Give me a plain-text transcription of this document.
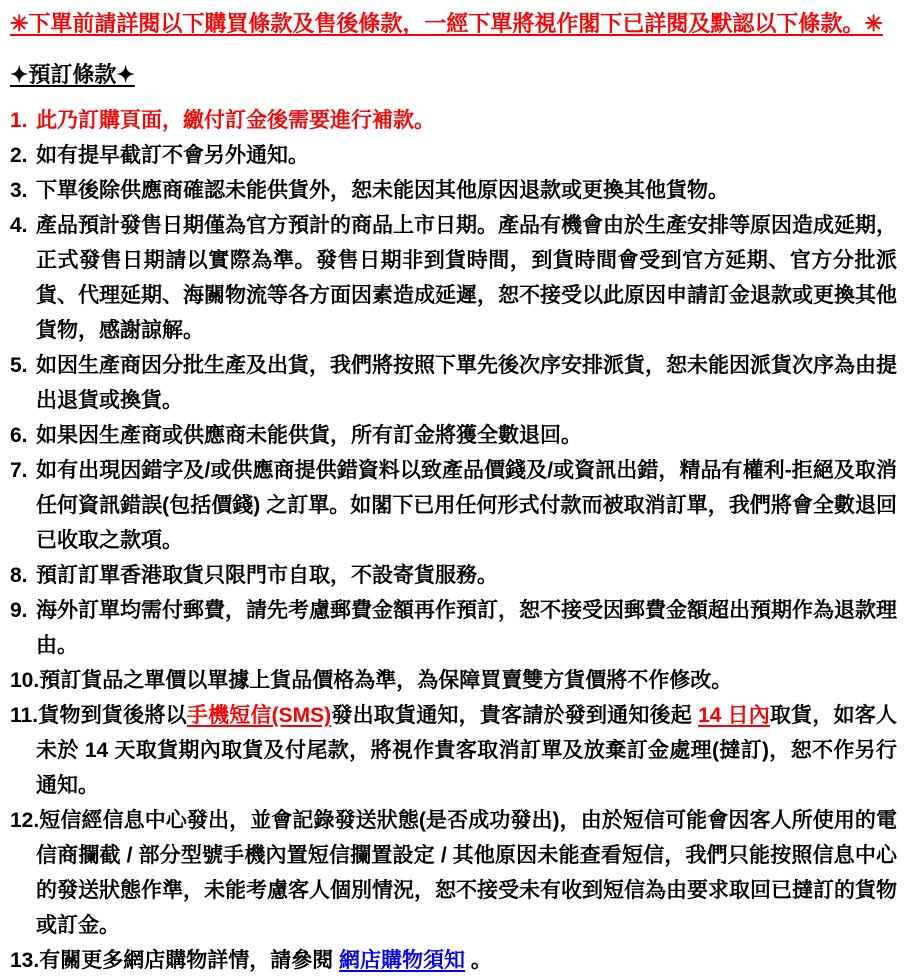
✳下單前請詳閱以下購買條款及售後條款，一經下單將視作閣下已詳閱及默認以下條款。✳
✦預訂條款✦
1. 此乃訂購頁面，繳付訂金後需要進行補款。
2. 如有提早截訂不會另外通知。
3. 下單後除供應商確認未能供貨外，恕未能因其他原因退款或更換其他貨物。
4. 產品預計發售日期僅為官方預計的商品上市日期。產品有機會由於生產安排等原因造成延期，正式發售日期請以實際為準。發售日期非到貨時間，到貨時間會受到官方延期、官方分批派貨、代理延期、海關物流等各方面因素造成延遲，恕不接受以此原因申請訂金退款或更換其他貨物，感謝諒解。
5. 如因生產商因分批生產及出貨，我們將按照下單先後次序安排派貨，恕未能因派貨次序為由提出退貨或換貨。
6. 如果因生產商或供應商未能供貨，所有訂金將獲全數退回。
7. 如有出現因錯字及/或供應商提供錯資料以致產品價錢及/或資訊出錯，精品有權利-拒絕及取消任何資訊錯誤(包括價錢) 之訂單。如閣下已用任何形式付款而被取消訂單，我們將會全數退回已收取之款項。
8. 預訂訂單香港取貨只限門市自取，不設寄貨服務。
9. 海外訂單均需付郵費，請先考慮郵費金額再作預訂，恕不接受因郵費金額超出預期作為退款理由。
10.預訂貨品之單價以單據上貨品價格為準，為保障買賣雙方貨價將不作修改。
11.貨物到貨後將以手機短信(SMS)發出取貨通知，貴客請於發到通知後起 14 日內取貨，如客人未於 14 天取貨期內取貨及付尾款，將視作貴客取消訂單及放棄訂金處理(撻訂)，恕不作另行通知。
12.短信經信息中心發出，並會記錄發送狀態(是否成功發出)，由於短信可能會因客人所使用的電信商攔截 / 部分型號手機內置短信攔置設定 / 其他原因未能查看短信，我們只能按照信息中心的發送狀態作準，未能考慮客人個別情況，恕不接受未有收到短信為由要求取回已撻訂的貨物或訂金。
13.有關更多網店購物詳情，請參閱 網店購物須知 。
